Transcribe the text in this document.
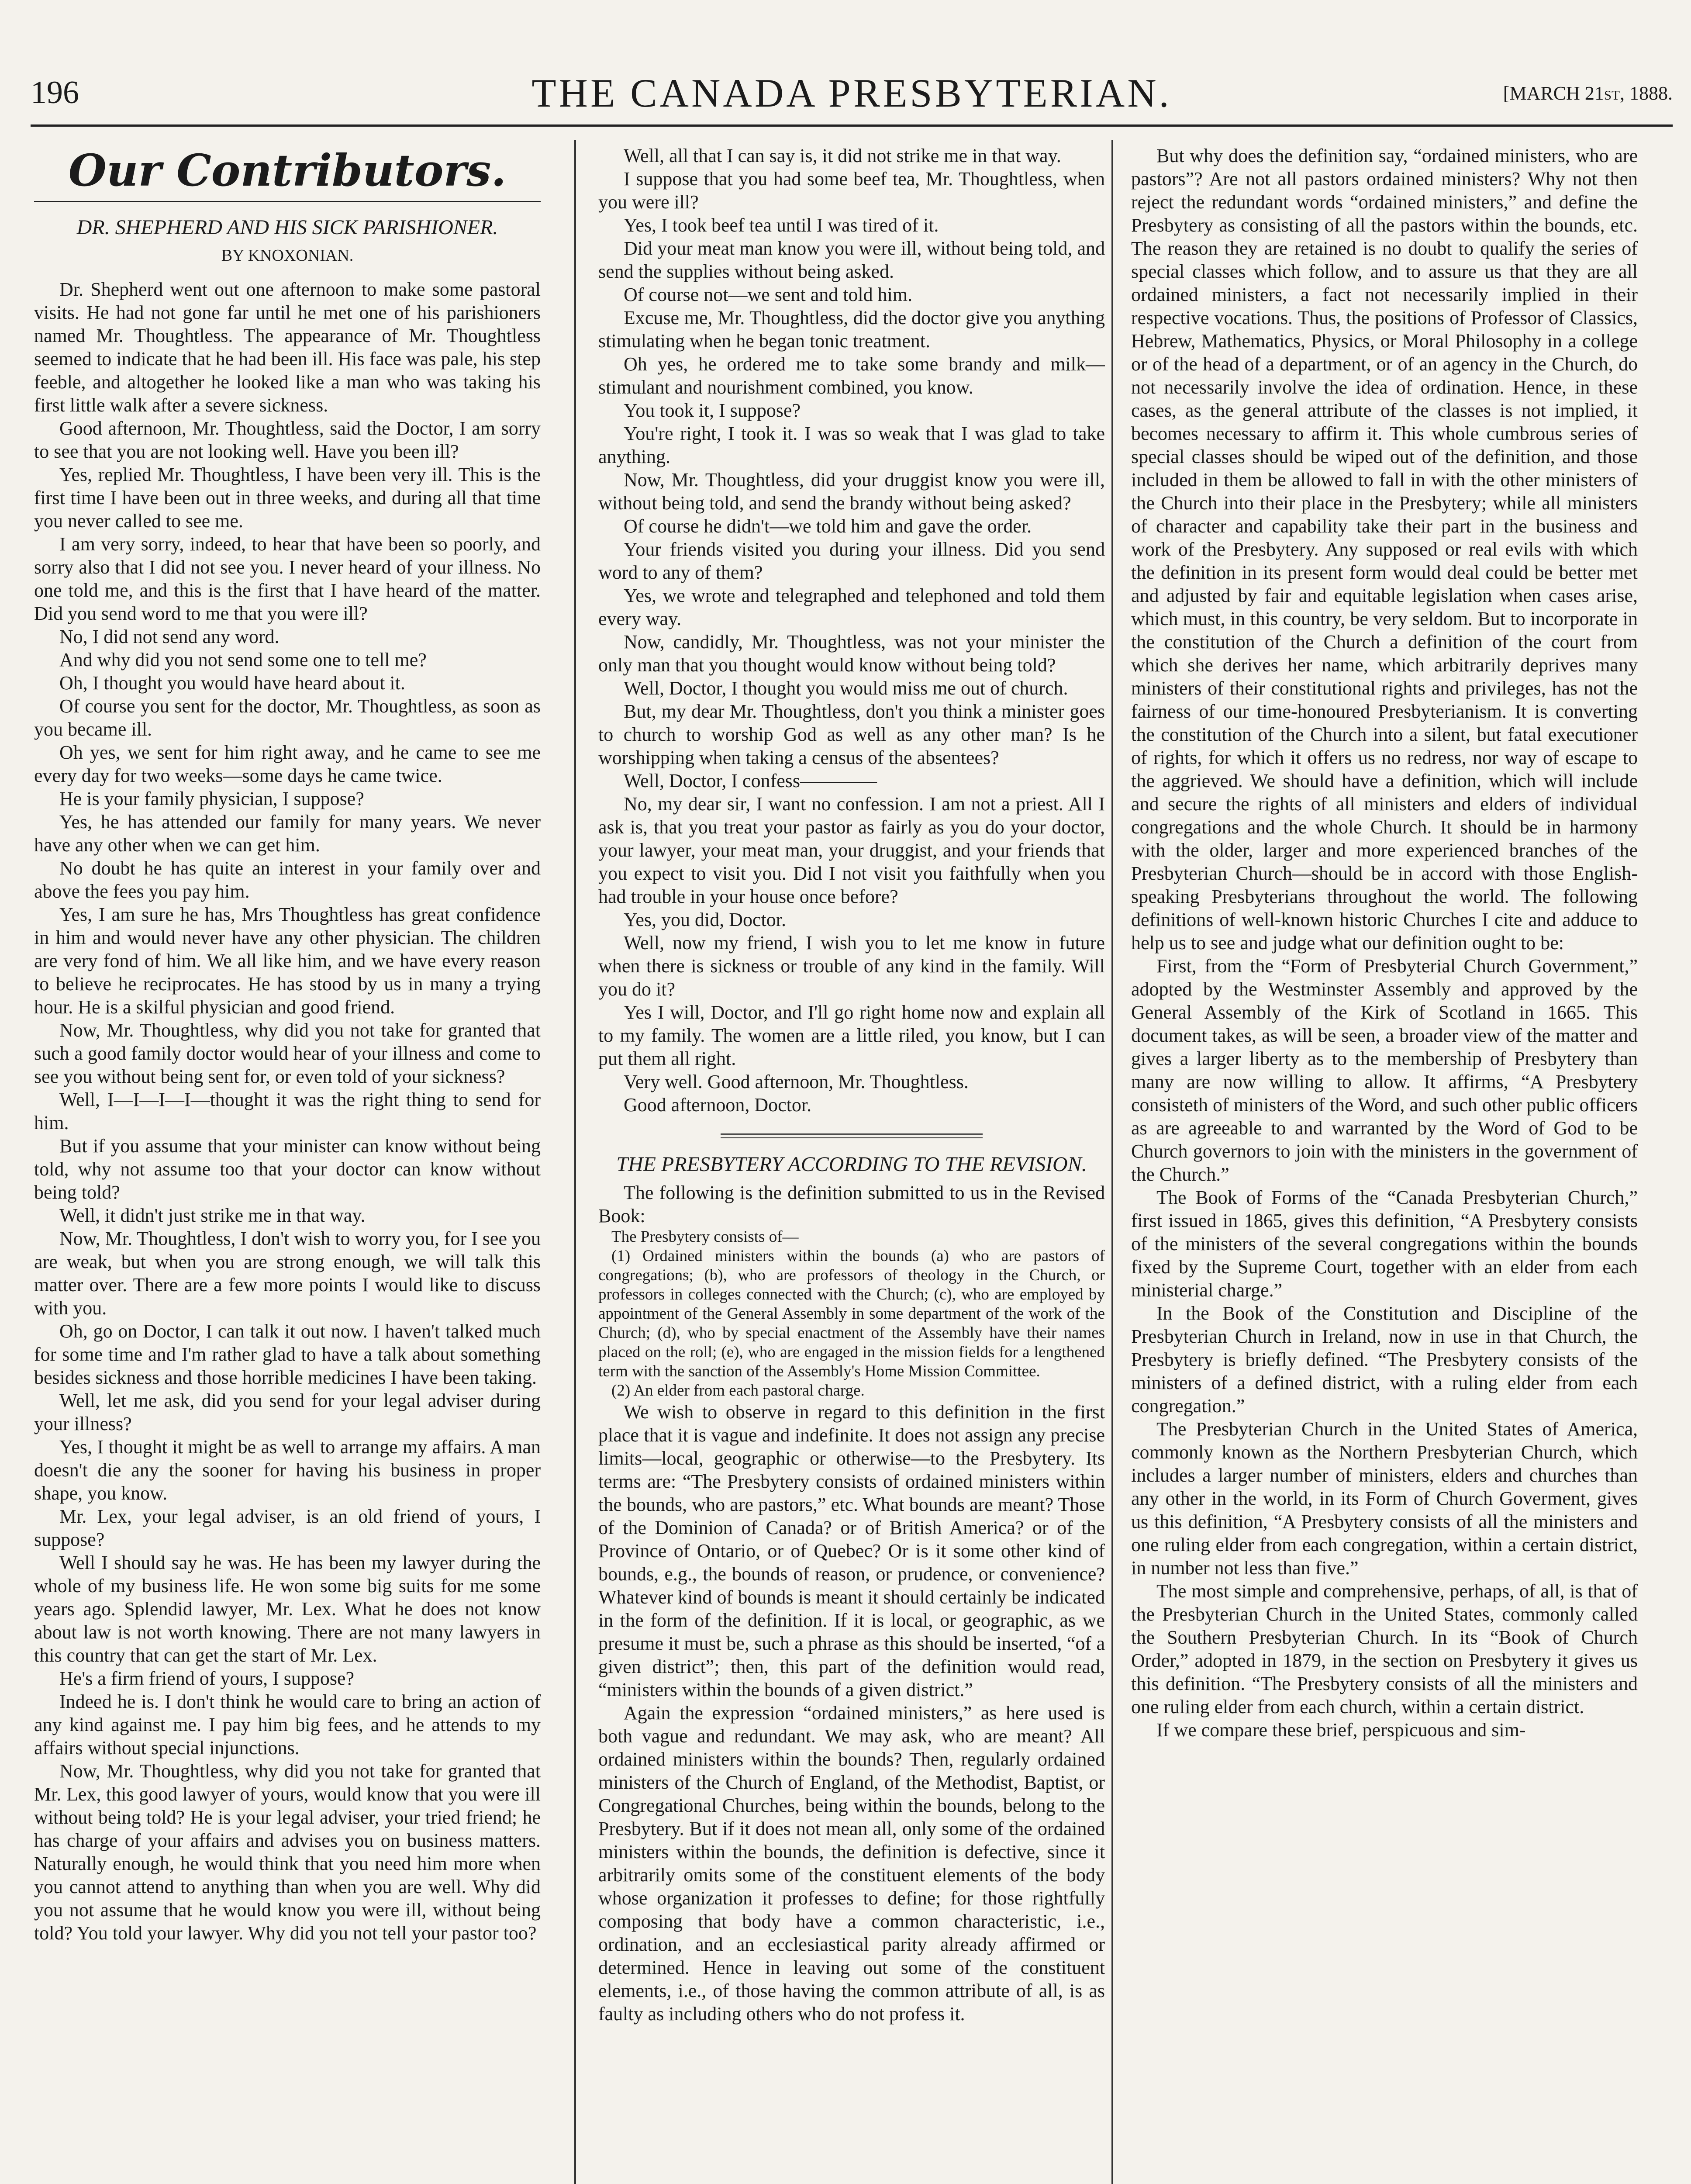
196	THE CANADA PRESBYTERIAN.	[MARCH 21st, 1888.
Our Contributors.
DR. SHEPHERD AND HIS SICK PARISHIONER.
BY KNOXONIAN.

Dr. Shepherd went out one afternoon to make some pastoral visits. He had not gone far until he met one of his parishioners named Mr. Thoughtless. The appearance of Mr. Thoughtless seemed to indicate that he had been ill. His face was pale, his step feeble, and altogether he looked like a man who was taking his first little walk after a severe sickness.

Good afternoon, Mr. Thoughtless, said the Doctor, I am sorry to see that you are not looking well. Have you been ill?

Yes, replied Mr. Thoughtless, I have been very ill. This is the first time I have been out in three weeks, and during all that time you never called to see me.

I am very sorry, indeed, to hear that have been so poorly, and sorry also that I did not see you. I never heard of your illness. No one told me, and this is the first that I have heard of the matter. Did you send word to me that you were ill?

No, I did not send any word.

And why did you not send some one to tell me?

Oh, I thought you would have heard about it.

Of course you sent for the doctor, Mr. Thoughtless, as soon as you became ill.

Oh yes, we sent for him right away, and he came to see me every day for two weeks—some days he came twice.

He is your family physician, I suppose?

Yes, he has attended our family for many years. We never have any other when we can get him.

No doubt he has quite an interest in your family over and above the fees you pay him.

Yes, I am sure he has, Mrs Thoughtless has great confidence in him and would never have any other physician. The children are very fond of him. We all like him, and we have every reason to believe he reciprocates. He has stood by us in many a trying hour. He is a skilful physician and good friend.

Now, Mr. Thoughtless, why did you not take for granted that such a good family doctor would hear of your illness and come to see you without being sent for, or even told of your sickness?

Well, I—I—I—I—thought it was the right thing to send for him.

But if you assume that your minister can know without being told, why not assume too that your doctor can know without being told?

Well, it didn't just strike me in that way.

Now, Mr. Thoughtless, I don't wish to worry you, for I see you are weak, but when you are strong enough, we will talk this matter over. There are a few more points I would like to discuss with you.

Oh, go on Doctor, I can talk it out now. I haven't talked much for some time and I'm rather glad to have a talk about something besides sickness and those horrible medicines I have been taking.

Well, let me ask, did you send for your legal adviser during your illness?

Yes, I thought it might be as well to arrange my affairs. A man doesn't die any the sooner for having his business in proper shape, you know.

Mr. Lex, your legal adviser, is an old friend of yours, I suppose?

Well I should say he was. He has been my lawyer during the whole of my business life. He won some big suits for me some years ago. Splendid lawyer, Mr. Lex. What he does not know about law is not worth knowing. There are not many lawyers in this country that can get the start of Mr. Lex.

He's a firm friend of yours, I suppose?

Indeed he is. I don't think he would care to bring an action of any kind against me. I pay him big fees, and he attends to my affairs without special injunctions.

Now, Mr. Thoughtless, why did you not take for granted that Mr. Lex, this good lawyer of yours, would know that you were ill without being told? He is your legal adviser, your tried friend; he has charge of your affairs and advises you on business matters. Naturally enough, he would think that you need him more when you cannot attend to anything than when you are well. Why did you not assume that he would know you were ill, without being told? You told your lawyer. Why did you not tell your pastor too?

Well, all that I can say is, it did not strike me in that way.

I suppose that you had some beef tea, Mr. Thoughtless, when you were ill?

Yes, I took beef tea until I was tired of it.

Did your meat man know you were ill, without being told, and send the supplies without being asked.

Of course not—we sent and told him.

Excuse me, Mr. Thoughtless, did the doctor give you anything stimulating when he began tonic treatment.

Oh yes, he ordered me to take some brandy and milk—stimulant and nourishment combined, you know.

You took it, I suppose?

You're right, I took it. I was so weak that I was glad to take anything.

Now, Mr. Thoughtless, did your druggist know you were ill, without being told, and send the brandy without being asked?

Of course he didn't—we told him and gave the order.

Your friends visited you during your illness. Did you send word to any of them?

Yes, we wrote and telegraphed and telephoned and told them every way.

Now, candidly, Mr. Thoughtless, was not your minister the only man that you thought would know without being told?

Well, Doctor, I thought you would miss me out of church.

But, my dear Mr. Thoughtless, don't you think a minister goes to church to worship God as well as any other man? Is he worshipping when taking a census of the absentees?

Well, Doctor, I confess————

No, my dear sir, I want no confession. I am not a priest. All I ask is, that you treat your pastor as fairly as you do your doctor, your lawyer, your meat man, your druggist, and your friends that you expect to visit you. Did I not visit you faithfully when you had trouble in your house once before?

Yes, you did, Doctor.

Well, now my friend, I wish you to let me know in future when there is sickness or trouble of any kind in the family. Will you do it?

Yes I will, Doctor, and I'll go right home now and explain all to my family. The women are a little riled, you know, but I can put them all right.

Very well. Good afternoon, Mr. Thoughtless.

Good afternoon, Doctor.

THE PRESBYTERY ACCORDING TO THE REVISION.

The following is the definition submitted to us in the Revised Book:

The Presbytery consists of—

(1) Ordained ministers within the bounds (a) who are pastors of congregations; (b), who are professors of theology in the Church, or professors in colleges connected with the Church; (c), who are employed by appointment of the General Assembly in some department of the work of the Church; (d), who by special enactment of the Assembly have their names placed on the roll; (e), who are engaged in the mission fields for a lengthened term with the sanction of the Assembly's Home Mission Committee.

(2) An elder from each pastoral charge.

We wish to observe in regard to this definition in the first place that it is vague and indefinite. It does not assign any precise limits—local, geographic or otherwise—to the Presbytery. Its terms are: “The Presbytery consists of ordained ministers within the bounds, who are pastors,” etc. What bounds are meant? Those of the Dominion of Canada? or of British America? or of the Province of Ontario, or of Quebec? Or is it some other kind of bounds, e.g., the bounds of reason, or prudence, or convenience? Whatever kind of bounds is meant it should certainly be indicated in the form of the definition. If it is local, or geographic, as we presume it must be, such a phrase as this should be inserted, “of a given district”; then, this part of the definition would read, “ministers within the bounds of a given district.”

Again the expression “ordained ministers,” as here used is both vague and redundant. We may ask, who are meant? All ordained ministers within the bounds? Then, regularly ordained ministers of the Church of England, of the Methodist, Baptist, or Congregational Churches, being within the bounds, belong to the Presbytery. But if it does not mean all, only some of the ordained ministers within the bounds, the definition is defective, since it arbitrarily omits some of the constituent elements of the body whose organization it professes to define; for those rightfully composing that body have a common characteristic, i.e., ordination, and an ecclesiastical parity already affirmed or determined. Hence in leaving out some of the constituent elements, i.e., of those having the common attribute of all, is as faulty as including others who do not profess it.

But why does the definition say, “ordained ministers, who are pastors”? Are not all pastors ordained ministers? Why not then reject the redundant words “ordained ministers,” and define the Presbytery as consisting of all the pastors within the bounds, etc. The reason they are retained is no doubt to qualify the series of special classes which follow, and to assure us that they are all ordained ministers, a fact not necessarily implied in their respective vocations. Thus, the positions of Professor of Classics, Hebrew, Mathematics, Physics, or Moral Philosophy in a college or of the head of a department, or of an agency in the Church, do not necessarily involve the idea of ordination. Hence, in these cases, as the general attribute of the classes is not implied, it becomes necessary to affirm it. This whole cumbrous series of special classes should be wiped out of the definition, and those included in them be allowed to fall in with the other ministers of the Church into their place in the Presbytery; while all ministers of character and capability take their part in the business and work of the Presbytery. Any supposed or real evils with which the definition in its present form would deal could be better met and adjusted by fair and equitable legislation when cases arise, which must, in this country, be very seldom. But to incorporate in the constitution of the Church a definition of the court from which she derives her name, which arbitrarily deprives many ministers of their constitutional rights and privileges, has not the fairness of our time-honoured Presbyterianism. It is converting the constitution of the Church into a silent, but fatal executioner of rights, for which it offers us no redress, nor way of escape to the aggrieved. We should have a definition, which will include and secure the rights of all ministers and elders of individual congregations and the whole Church. It should be in harmony with the older, larger and more experienced branches of the Presbyterian Church—should be in accord with those English-speaking Presbyterians throughout the world. The following definitions of well-known historic Churches I cite and adduce to help us to see and judge what our definition ought to be:

First, from the “Form of Presbyterial Church Government,” adopted by the Westminster Assembly and approved by the General Assembly of the Kirk of Scotland in 1665. This document takes, as will be seen, a broader view of the matter and gives a larger liberty as to the membership of Presbytery than many are now willing to allow. It affirms, “A Presbytery consisteth of ministers of the Word, and such other public officers as are agreeable to and warranted by the Word of God to be Church governors to join with the ministers in the government of the Church.”

The Book of Forms of the “Canada Presbyterian Church,” first issued in 1865, gives this definition, “A Presbytery consists of the ministers of the several congregations within the bounds fixed by the Supreme Court, together with an elder from each ministerial charge.”

In the Book of the Constitution and Discipline of the Presbyterian Church in Ireland, now in use in that Church, the Presbytery is briefly defined. “The Presbytery consists of the ministers of a defined district, with a ruling elder from each congregation.”

The Presbyterian Church in the United States of America, commonly known as the Northern Presbyterian Church, which includes a larger number of ministers, elders and churches than any other in the world, in its Form of Church Goverment, gives us this definition, “A Presbytery consists of all the ministers and one ruling elder from each congregation, within a certain district, in number not less than five.”

The most simple and comprehensive, perhaps, of all, is that of the Presbyterian Church in the United States, commonly called the Southern Presbyterian Church. In its “Book of Church Order,” adopted in 1879, in the section on Presbytery it gives us this definition. “The Presbytery consists of all the ministers and one ruling elder from each church, within a certain district.

If we compare these brief, perspicuous and sim-
